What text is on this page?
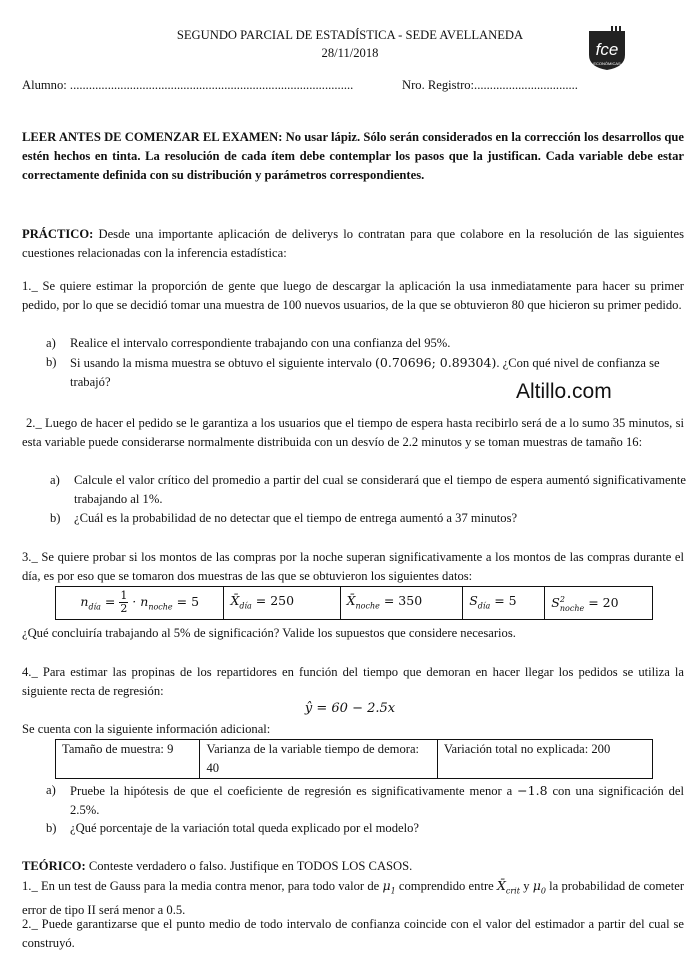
SEGUNDO PARCIAL DE ESTADÍSTICA - SEDE AVELLANEDA
28/11/2018	fce
ECONÓMICAS
Alumno: ..........................................................................................	Nro. Registro:.................................
LEER ANTES DE COMENZAR EL EXAMEN: No usar lápiz. Sólo serán considerados en la corrección los desarrollos que estén hechos en tinta. La resolución de cada ítem debe contemplar los pasos que la justifican. Cada variable debe estar correctamente definida con su distribución y parámetros correspondientes.
PRÁCTICO: Desde una importante aplicación de deliverys lo contratan para que colabore en la resolución de las siguientes cuestiones relacionadas con la inferencia estadística:
1._ Se quiere estimar la proporción de gente que luego de descargar la aplicación la usa inmediatamente para hacer su primer pedido, por lo que se decidió tomar una muestra de 100 nuevos usuarios, de la que se obtuvieron 80 que hicieron su primer pedido.
a) Realice el intervalo correspondiente trabajando con una confianza del 95%.
b) Si usando la misma muestra se obtuvo el siguiente intervalo (0.70696; 0.89304). ¿Con qué nivel de confianza se trabajó?	Altillo.com
2._ Luego de hacer el pedido se le garantiza a los usuarios que el tiempo de espera hasta recibirlo será de a lo sumo 35 minutos, si esta variable puede considerarse normalmente distribuida con un desvío de 2.2 minutos y se toman muestras de tamaño 16:
a) Calcule el valor crítico del promedio a partir del cual se considerará que el tiempo de espera aumentó significativamente trabajando al 1%.
b) ¿Cuál es la probabilidad de no detectar que el tiempo de entrega aumentó a 37 minutos?
3._ Se quiere probar si los montos de las compras por la noche superan significativamente a los montos de las compras durante el día, es por eso que se tomaron dos muestras de las que se obtuvieron los siguientes datos:
$n_{día} = \frac{1}{2} \cdot n_{noche} = 5$	$X̄_{día} = 250$	$X̄_{noche} = 350$	$S_{día} = 5$	S 2
noche = 20
¿Qué concluiría trabajando al 5% de significación? Valide los supuestos que considere necesarios.
4._ Para estimar las propinas de los repartidores en función del tiempo que demoran en hacer llegar los pedidos se utiliza la siguiente recta de regresión:
ŷ = 60 − 2.5x
Se cuenta con la siguiente información adicional:
Tamaño de muestra: 9	Varianza de la variable tiempo de demora: 40	Variación total no explicada: 200
a) Pruebe la hipótesis de que el coeficiente de regresión es significativamente menor a −1.8 con una significación del 2.5%.
b) ¿Qué porcentaje de la variación total queda explicado por el modelo?
TEÓRICO: Conteste verdadero o falso. Justifique en TODOS LOS CASOS.
1._ En un test de Gauss para la media contra menor, para todo valor de $\mu_1$ comprendido entre $X̄_{crit}$ y $\mu_0$ la probabilidad de cometer error de tipo II será menor a 0.5.
2._ Puede garantizarse que el punto medio de todo intervalo de confianza coincide con el valor del estimador a partir del cual se construyó.
